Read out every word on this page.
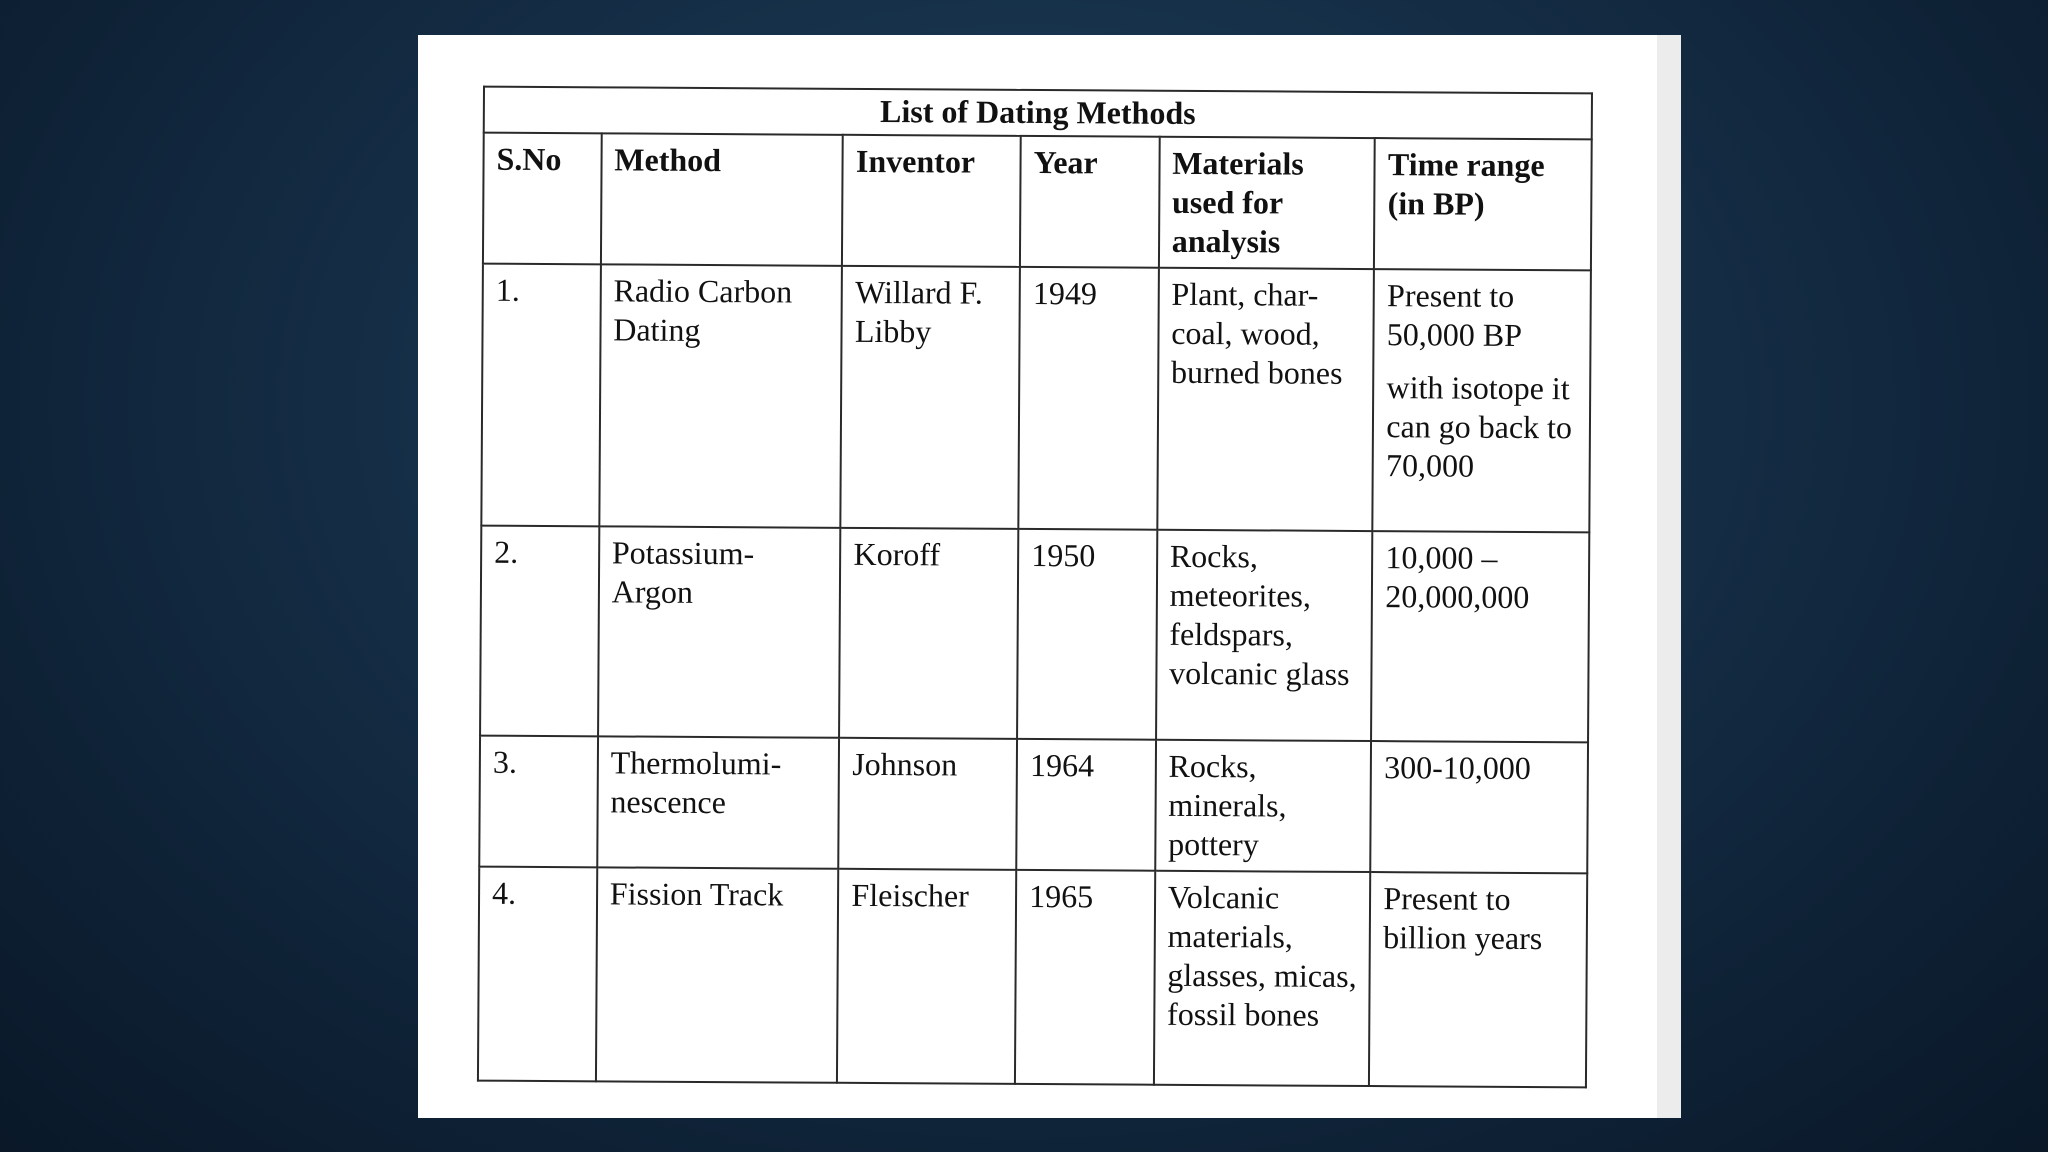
List of Dating Methods					
S.No	Method	Inventor	Year	Materials used for analysis	Time range (in BP)
1.	Radio Carbon Dating	Willard F. Libby	1949	Plant, char-coal, wood, burned bones	Present to 50,000 BP
with isotope it can go back to 70,000

2.	Potassium-Argon	Koroff	1950	Rocks, meteorites, feldspars, volcanic glass	10,000 – 20,000,000
3.	Thermolumi-nescence	Johnson	1964	Rocks, minerals, pottery	300-10,000
4.	Fission Track	Fleischer	1965	Volcanic materials, glasses, micas, fossil bones	Present to billion years
